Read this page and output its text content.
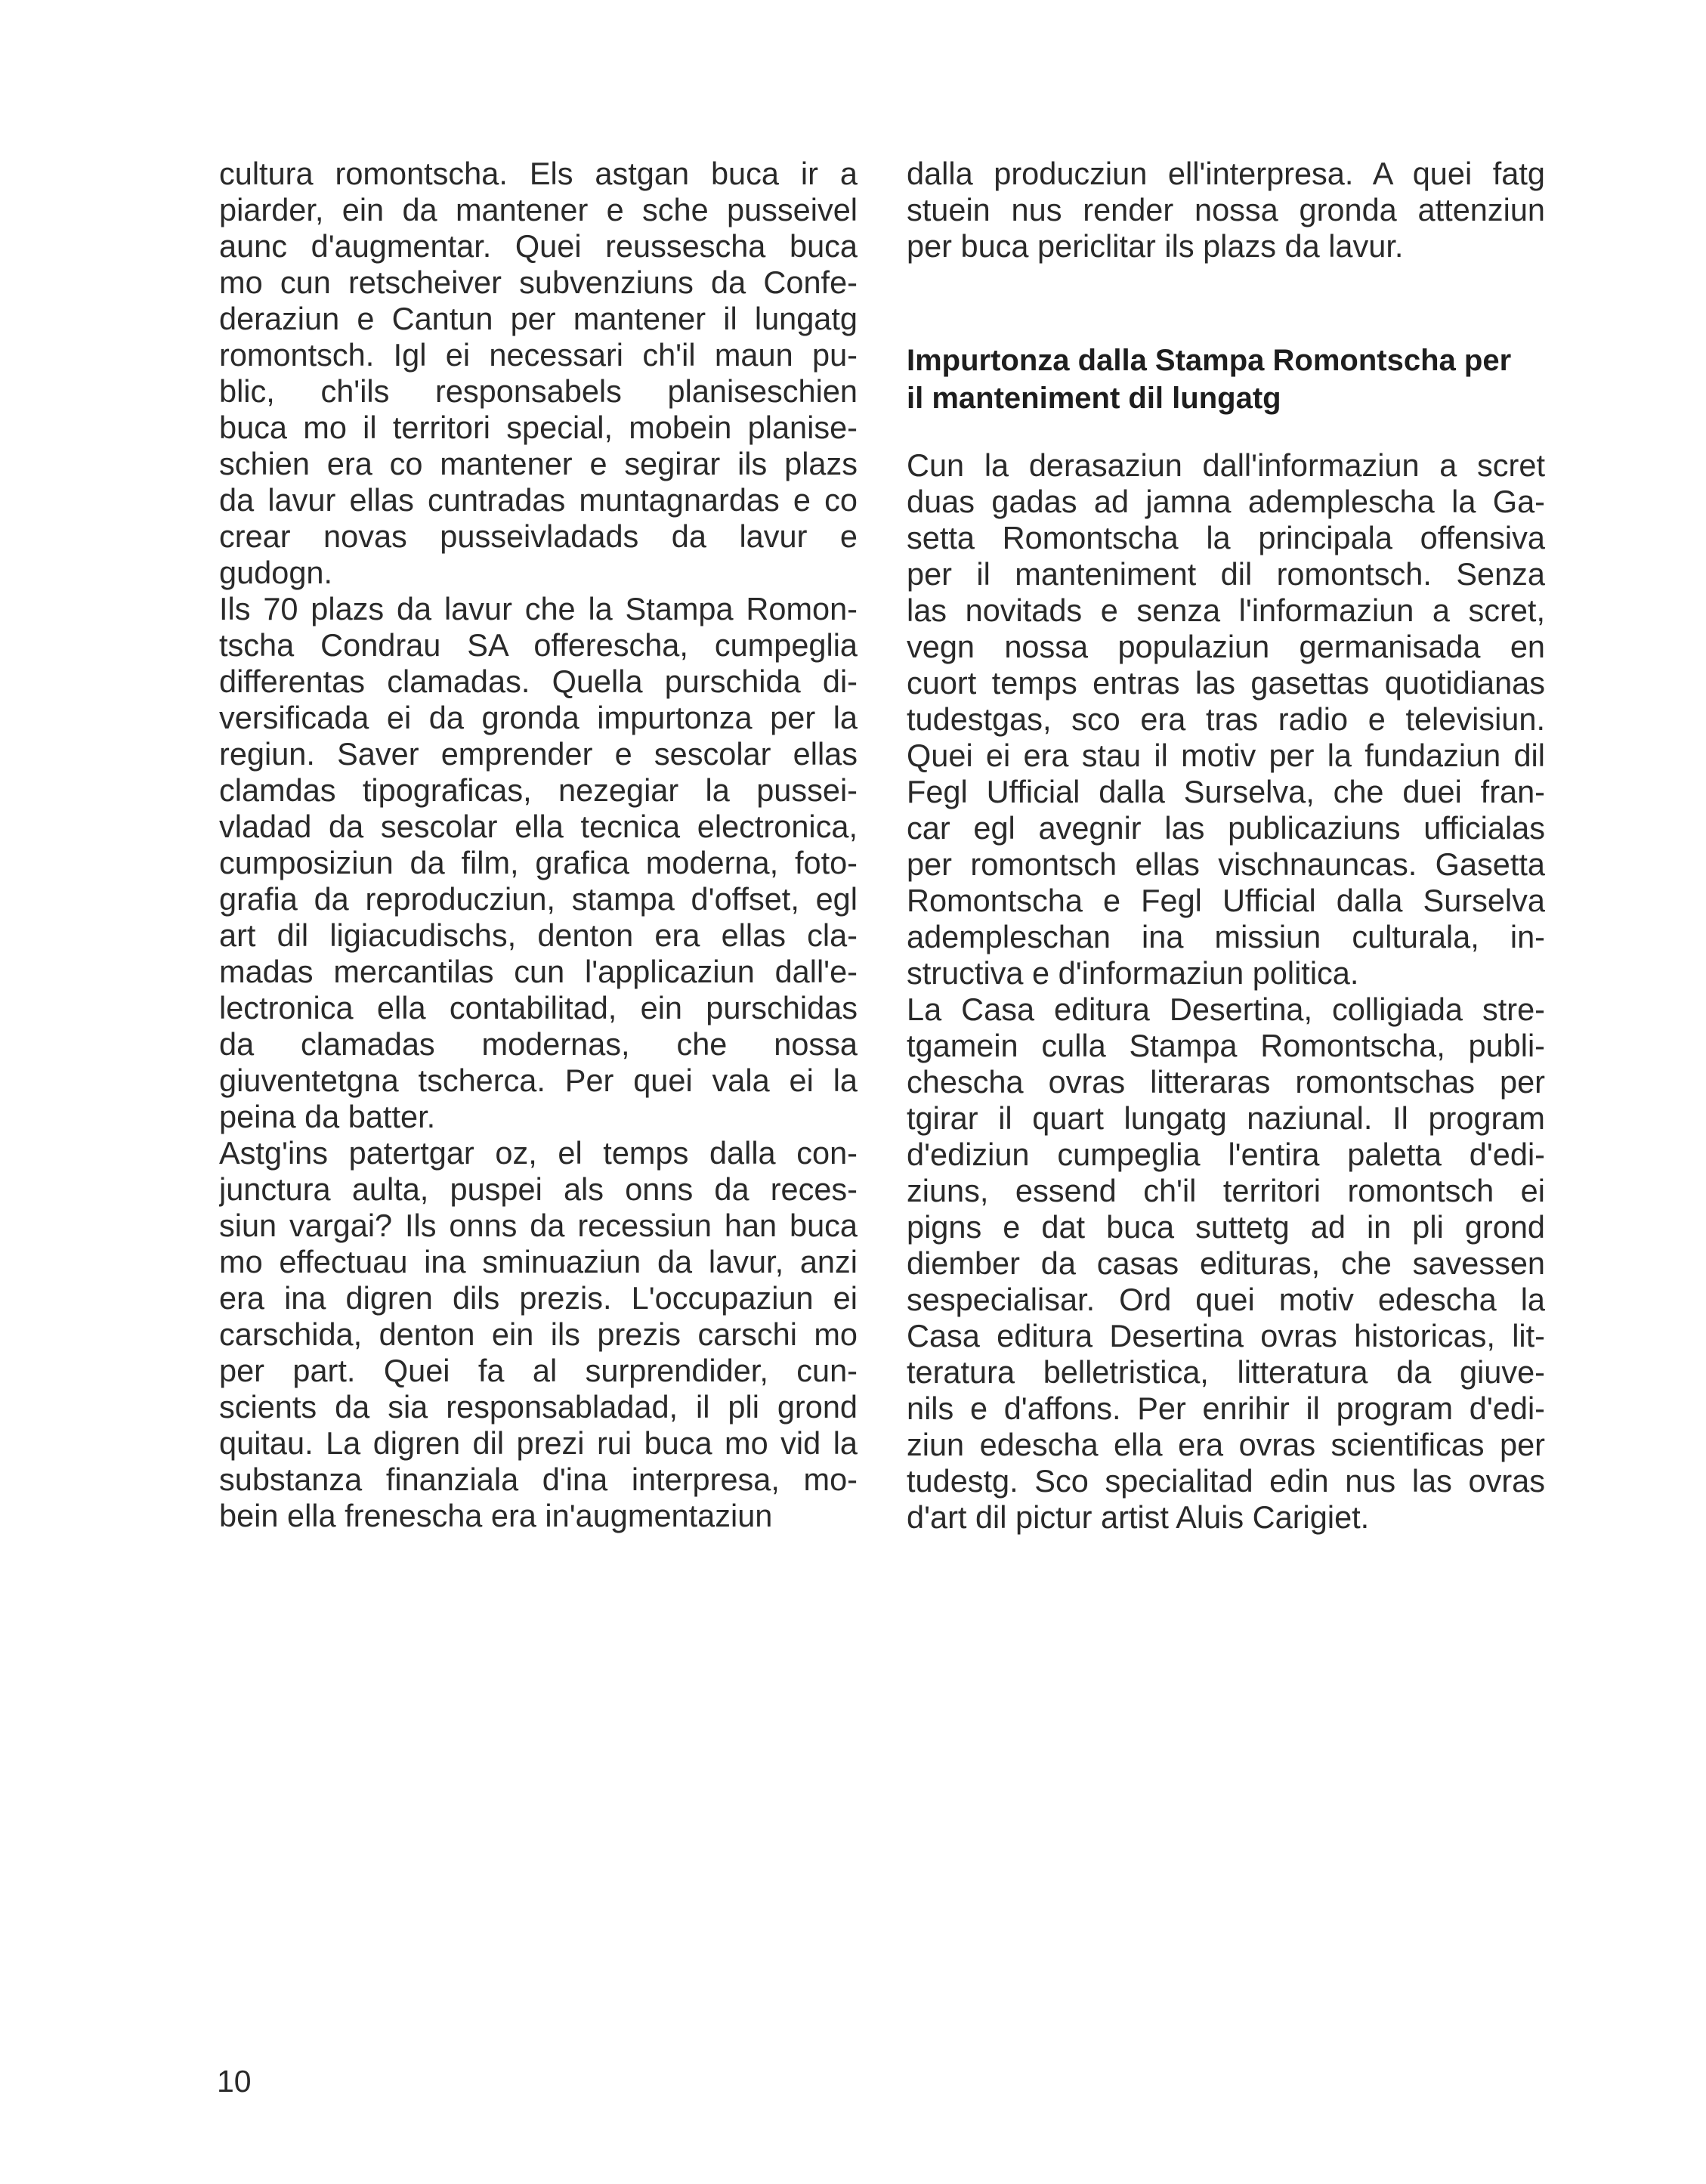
cultura romontscha. Els astgan buca ir a
piarder, ein da mantener e sche pusseivel
aunc d'augmentar. Quei reussescha buca
mo cun retscheiver subvenziuns da Confe-
deraziun e Cantun per mantener il lungatg
romontsch. Igl ei necessari ch'il maun pu-
blic, ch'ils responsabels planiseschien
buca mo il territori special, mobein planise-
schien era co mantener e segirar ils plazs
da lavur ellas cuntradas muntagnardas e co
crear novas pusseivladads da lavur e
gudogn.
Ils 70 plazs da lavur che la Stampa Romon-
tscha Condrau SA offerescha, cumpeglia
differentas clamadas. Quella purschida di-
versificada ei da gronda impurtonza per la
regiun. Saver emprender e sescolar ellas
clamdas tipograficas, nezegiar la pussei-
vladad da sescolar ella tecnica electronica,
cumposiziun da film, grafica moderna, foto-
grafia da reproducziun, stampa d'offset, egl
art dil ligiacudischs, denton era ellas cla-
madas mercantilas cun l'applicaziun dall'e-
lectronica ella contabilitad, ein purschidas
da clamadas modernas, che nossa
giuventetgna tscherca. Per quei vala ei la
peina da batter.
Astg'ins patertgar oz, el temps dalla con-
junctura aulta, puspei als onns da reces-
siun vargai? Ils onns da recessiun han buca
mo effectuau ina sminuaziun da lavur, anzi
era ina digren dils prezis. L'occupaziun ei
carschida, denton ein ils prezis carschi mo
per part. Quei fa al surprendider, cun-
scients da sia responsabladad, il pli grond
quitau. La digren dil prezi rui buca mo vid la
substanza finanziala d'ina interpresa, mo-
bein ella frenescha era in'augmentaziun
dalla producziun ell'interpresa. A quei fatg
stuein nus render nossa gronda attenziun
per buca periclitar ils plazs da lavur.
Impurtonza dalla Stampa Romontscha per
il manteniment dil lungatg
Cun la derasaziun dall'informaziun a scret
duas gadas ad jamna adempleschа la Ga-
setta Romontscha la principala offensiva
per il manteniment dil romontsch. Senza
las novitads e senza l'informaziun a scret,
vegn nossa populaziun germanisada en
cuort temps entras las gasettas quotidianas
tudestgas, sco era tras radio e televisiun.
Quei ei era stau il motiv per la fundaziun dil
Fegl Ufficial dalla Surselva, che duei fran-
car egl avegnir las publicaziuns ufficialas
per romontsch ellas vischnauncas. Gasetta
Romontscha e Fegl Ufficial dalla Surselva
adempleschan ina missiun culturala, in-
structiva e d'informaziun politica.
La Casa editura Desertina, colligiada stre-
tgamein culla Stampa Romontscha, publi-
chescha ovras litteraras romontschas per
tgirar il quart lungatg naziunal. Il program
d'ediziun cumpeglia l'entira paletta d'edi-
ziuns, essend ch'il territori romontsch ei
pigns e dat buca suttetg ad in pli grond
diember da casas edituras, che savessen
sespecialisar. Ord quei motiv edescha la
Casa editura Desertina ovras historicas, lit-
teratura belletristica, litteratura da giuve-
nils e d'affons. Per enrihir il program d'edi-
ziun edescha ella era ovras scientificas per
tudestg. Sco specialitad edin nus las ovras
d'art dil pictur artist Aluis Carigiet.
10
